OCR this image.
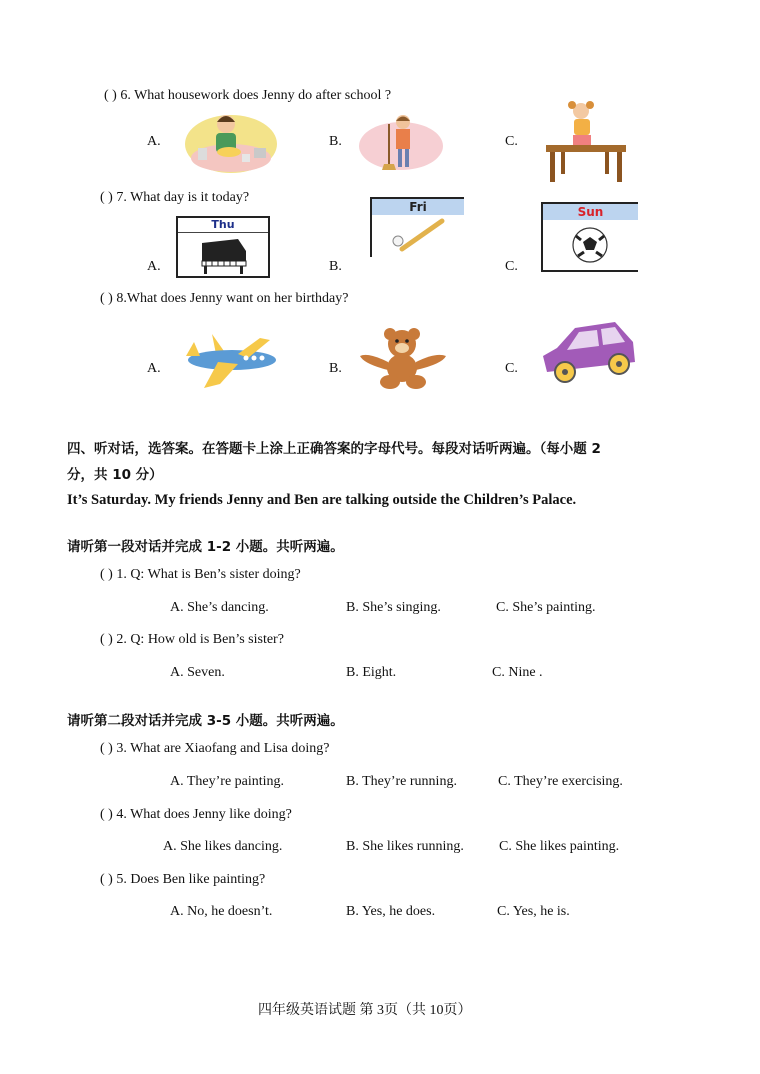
( ) 6. What housework does Jenny do after school ?
A.	B.	C.
( ) 7. What day is it today?
A.	B.	C.
Thu
Fri	Sun
( ) 8.What does Jenny want on her birthday?
A.	B.	C.
四、听对话，选答案。在答题卡上涂上正确答案的字母代号。每段对话听两遍。（每小题 2
分，共 10 分）
It’s Saturday. My friends Jenny and Ben are talking outside the Children’s Palace.
请听第一段对话并完成 1-2 小题。共听两遍。
( ) 1. Q: What is Ben’s sister doing?
A. She’s dancing.	B. She’s singing.	C. She’s painting.
( ) 2. Q: How old is Ben’s sister?
A. Seven.	B. Eight.	C. Nine .
请听第二段对话并完成 3-5 小题。共听两遍。
( ) 3. What are Xiaofang and Lisa doing?
A. They’re painting.	B. They’re running.	C. They’re exercising.
( ) 4. What does Jenny like doing?
A. She likes dancing.	B. She likes running.	C. She likes painting.
( ) 5. Does Ben like painting?
A. No, he doesn’t.	B. Yes, he does.	C. Yes, he is.
四年级英语试题 第 3页（共 10页）
